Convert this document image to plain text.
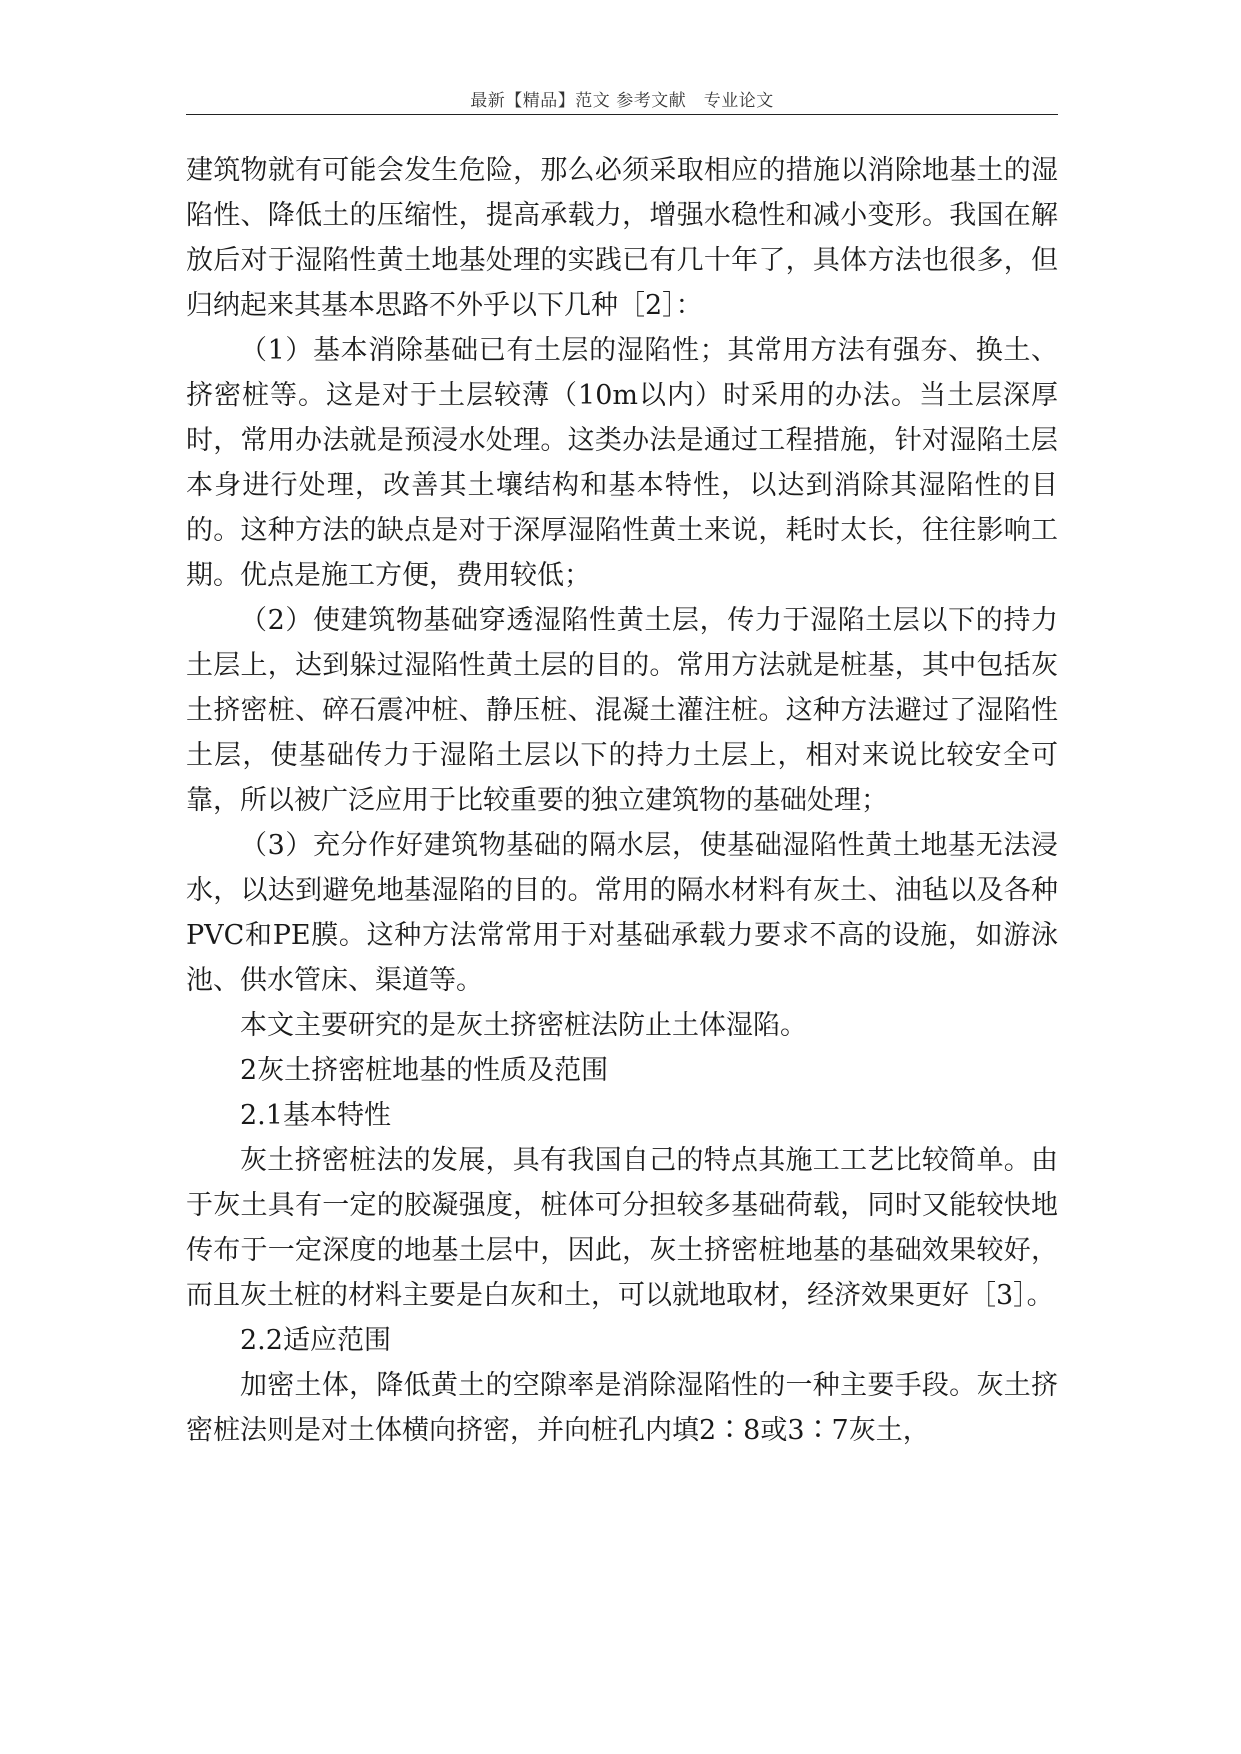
最新【精品】范文 参考文献　专业论文

建筑物就有可能会发生危险，那么必须采取相应的措施以消除地基土的湿陷性、降低土的压缩性，提高承载力，增强水稳性和减小变形。我国在解放后对于湿陷性黄土地基处理的实践已有几十年了，具体方法也很多，但归纳起来其基本思路不外乎以下几种［2］：

（1）基本消除基础已有土层的湿陷性；其常用方法有强夯、换土、挤密桩等。这是对于土层较薄（10m以内）时采用的办法。当土层深厚时，常用办法就是预浸水处理。这类办法是通过工程措施，针对湿陷土层本身进行处理，改善其土壤结构和基本特性，以达到消除其湿陷性的目的。这种方法的缺点是对于深厚湿陷性黄土来说，耗时太长，往往影响工期。优点是施工方便，费用较低；

（2）使建筑物基础穿透湿陷性黄土层，传力于湿陷土层以下的持力土层上，达到躲过湿陷性黄土层的目的。常用方法就是桩基，其中包括灰土挤密桩、碎石震冲桩、静压桩、混凝土灌注桩。这种方法避过了湿陷性土层，使基础传力于湿陷土层以下的持力土层上，相对来说比较安全可靠，所以被广泛应用于比较重要的独立建筑物的基础处理；

（3）充分作好建筑物基础的隔水层，使基础湿陷性黄土地基无法浸水，以达到避免地基湿陷的目的。常用的隔水材料有灰土、油毡以及各种PVC和PE膜。这种方法常常用于对基础承载力要求不高的设施，如游泳池、供水管床、渠道等。

本文主要研究的是灰土挤密桩法防止土体湿陷。

2灰土挤密桩地基的性质及范围

2.1基本特性

灰土挤密桩法的发展，具有我国自己的特点其施工工艺比较简单。由于灰土具有一定的胶凝强度，桩体可分担较多基础荷载，同时又能较快地传布于一定深度的地基土层中，因此，灰土挤密桩地基的基础效果较好，而且灰土桩的材料主要是白灰和土，可以就地取材，经济效果更好［3］。

2.2适应范围

加密土体，降低黄土的空隙率是消除湿陷性的一种主要手段。灰土挤密桩法则是对土体横向挤密，并向桩孔内填2∶8或3∶7灰土，
